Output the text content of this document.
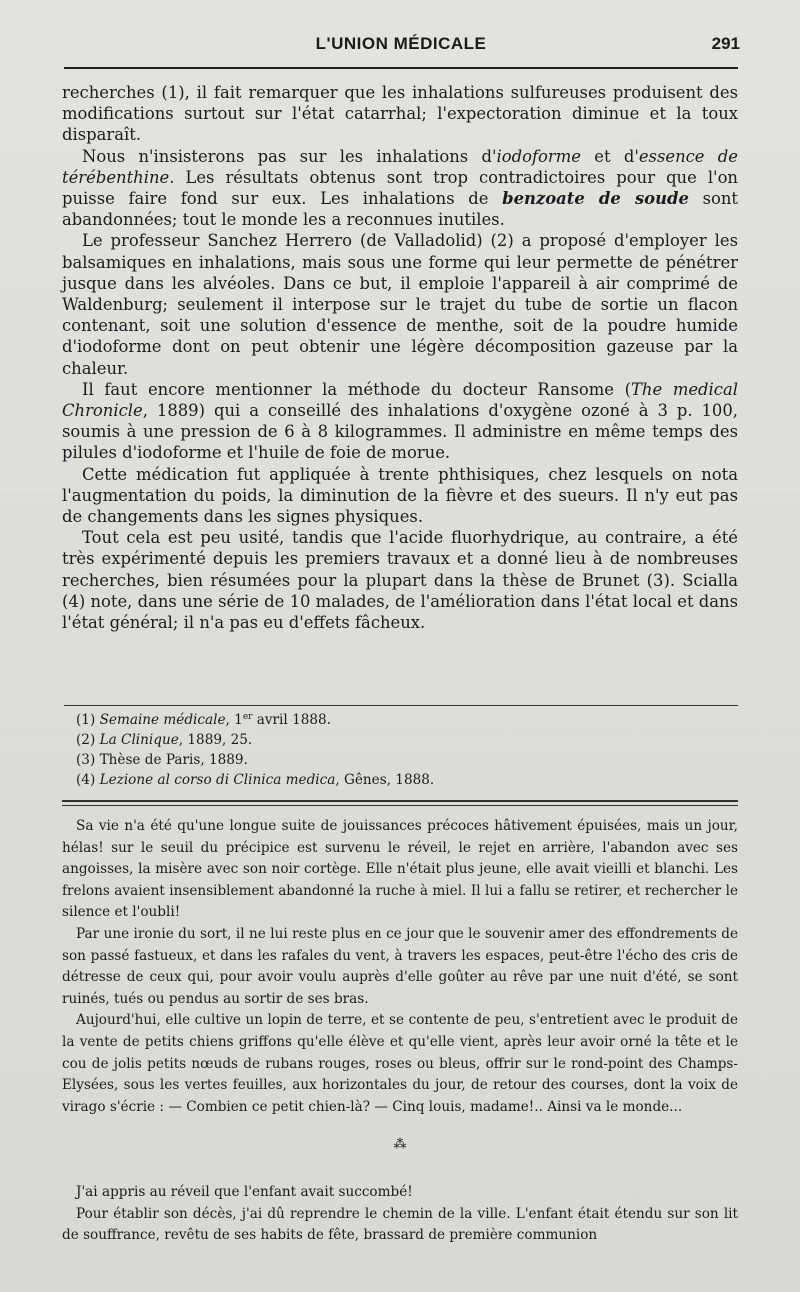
L'UNION MÉDICALE	291

recherches (1), il fait remarquer que les inhalations sulfureuses produisent des modifications surtout sur l'état catarrhal; l'expectoration diminue et la toux disparaît.

Nous n'insisterons pas sur les inhalations d'iodoforme et d'essence de térébenthine. Les résultats obtenus sont trop contradictoires pour que l'on puisse faire fond sur eux. Les inhalations de benzoate de soude sont abandonnées; tout le monde les a reconnues inutiles.

Le professeur Sanchez Herrero (de Valladolid) (2) a proposé d'employer les balsamiques en inhalations, mais sous une forme qui leur permette de pénétrer jusque dans les alvéoles. Dans ce but, il emploie l'appareil à air comprimé de Waldenburg; seulement il interpose sur le trajet du tube de sortie un flacon contenant, soit une solution d'essence de menthe, soit de la poudre humide d'iodoforme dont on peut obtenir une légère décomposition gazeuse par la chaleur.

Il faut encore mentionner la méthode du docteur Ransome (The medical Chronicle, 1889) qui a conseillé des inhalations d'oxygène ozoné à 3 p. 100, soumis à une pression de 6 à 8 kilogrammes. Il administre en même temps des pilules d'iodoforme et l'huile de foie de morue.

Cette médication fut appliquée à trente phthisiques, chez lesquels on nota l'augmentation du poids, la diminution de la fièvre et des sueurs. Il n'y eut pas de changements dans les signes physiques.

Tout cela est peu usité, tandis que l'acide fluorhydrique, au contraire, a été très expérimenté depuis les premiers travaux et a donné lieu à de nombreuses recherches, bien résumées pour la plupart dans la thèse de Brunet (3). Scialla (4) note, dans une série de 10 malades, de l'amélioration dans l'état local et dans l'état général; il n'a pas eu d'effets fâcheux.

(1) Semaine médicale, 1er avril 1888.
(2) La Clinique, 1889, 25.
(3) Thèse de Paris, 1889.
(4) Lezione al corso di Clinica medica, Gênes, 1888.

Sa vie n'a été qu'une longue suite de jouissances précoces hâtivement épuisées, mais un jour, hélas! sur le seuil du précipice est survenu le réveil, le rejet en arrière, l'abandon avec ses angoisses, la misère avec son noir cortège. Elle n'était plus jeune, elle avait vieilli et blanchi. Les frelons avaient insensiblement abandonné la ruche à miel. Il lui a fallu se retirer, et rechercher le silence et l'oubli!

Par une ironie du sort, il ne lui reste plus en ce jour que le souvenir amer des effondrements de son passé fastueux, et dans les rafales du vent, à travers les espaces, peut-être l'écho des cris de détresse de ceux qui, pour avoir voulu auprès d'elle goûter au rêve par une nuit d'été, se sont ruinés, tués ou pendus au sortir de ses bras.

Aujourd'hui, elle cultive un lopin de terre, et se contente de peu, s'entretient avec le produit de la vente de petits chiens griffons qu'elle élève et qu'elle vient, après leur avoir orné la tête et le cou de jolis petits nœuds de rubans rouges, roses ou bleus, offrir sur le rond-point des Champs-Elysées, sous les vertes feuilles, aux horizontales du jour, de retour des courses, dont la voix de virago s'écrie : — Combien ce petit chien-là? — Cinq louis, madame!.. Ainsi va le monde...

⁂

J'ai appris au réveil que l'enfant avait succombé!

Pour établir son décès, j'ai dû reprendre le chemin de la ville. L'enfant était étendu sur son lit de souffrance, revêtu de ses habits de fête, brassard de première communion
